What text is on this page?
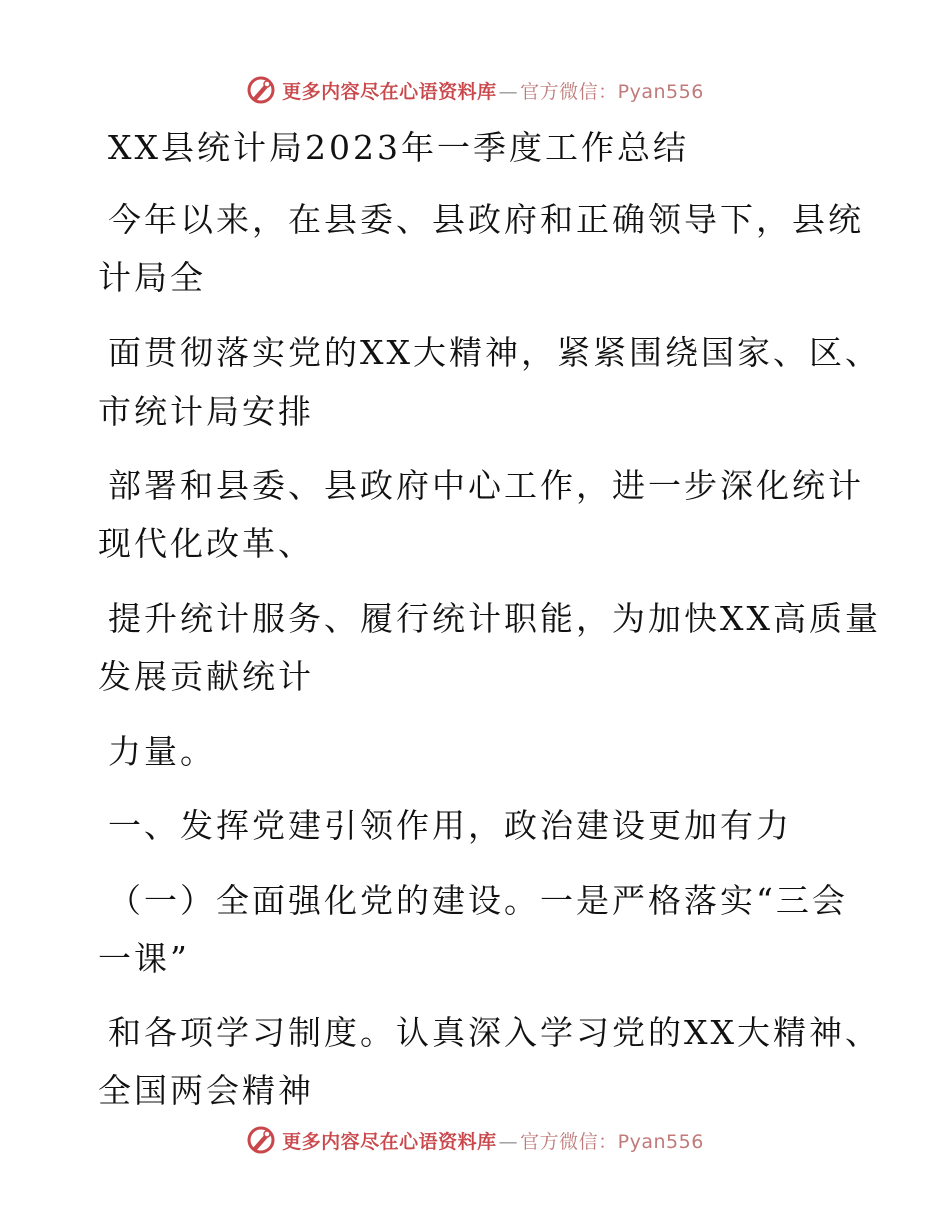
更多内容尽在心语资料库 — 官方微信：Pyan556
XX县统计局2023年一季度工作总结
今年以来，在县委、县政府和正确领导下，县统
计局全
面贯彻落实党的XX大精神，紧紧围绕国家、区、
市统计局安排
部署和县委、县政府中心工作，进一步深化统计
现代化改革、
提升统计服务、履行统计职能，为加快XX高质量
发展贡献统计
力量。
一、发挥党建引领作用，政治建设更加有力
（一）全面强化党的建设。一是严格落实“三会
一课”
和各项学习制度。认真深入学习党的XX大精神、
全国两会精神
更多内容尽在心语资料库 — 官方微信：Pyan556
